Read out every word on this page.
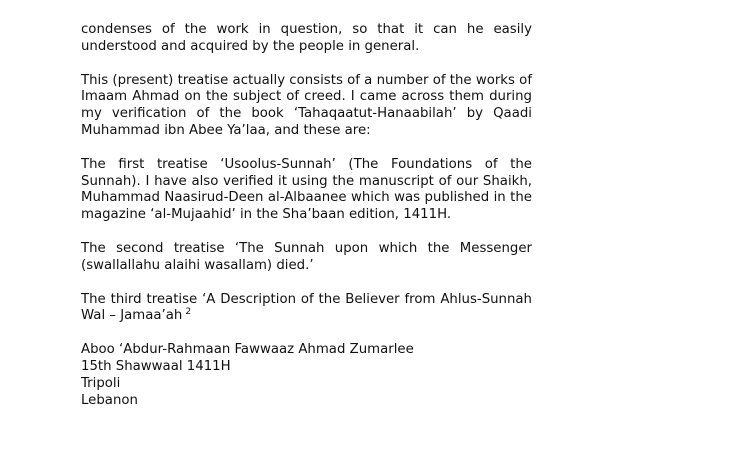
condenses of the work in question, so that it can he easily understood and acquired by the people in general.

This (present) treatise actually consists of a number of the works of Imaam Ahmad on the subject of creed. I came across them during my verification of the book ‘Tahaqaatut-Hanaabilah’ by Qaadi Muhammad ibn Abee Ya’laa, and these are:

The first treatise ‘Usoolus-Sunnah’ (The Foundations of the Sunnah). I have also verified it using the manuscript of our Shaikh, Muhammad Naasirud-Deen al-Albaanee which was published in the magazine ‘al-Mujaahid’ in the Sha’baan edition, 1411H.

The second treatise ‘The Sunnah upon which the Messenger (swallallahu alaihi wasallam) died.’

The third treatise ‘A Description of the Believer from Ahlus-Sunnah Wal – Jamaa’ah $^2$

Aboo ‘Abdur-Rahmaan Fawwaaz Ahmad Zumarlee
15th Shawwaal 1411H
Tripoli
Lebanon
